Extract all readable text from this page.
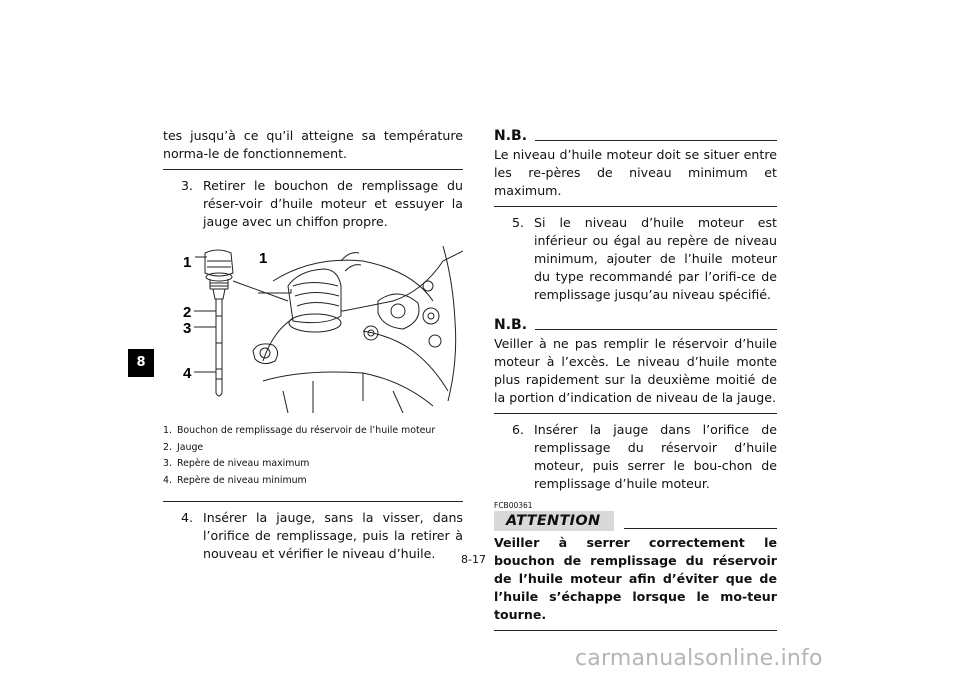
8

tes jusqu’à ce qu’il atteigne sa température norma-le de fonctionnement.

3. Retirer le bouchon de remplissage du réser-voir d’huile moteur et essuyer la jauge avec un chiffon propre.
1
2
3
4
1
1. Bouchon de remplissage du réservoir de l’huile moteur
2. Jauge
3. Repère de niveau maximum
4. Repère de niveau minimum
4. Insérer la jauge, sans la visser, dans l’orifice de remplissage, puis la retirer à nouveau et vérifier le niveau d’huile.
N.B.

Le niveau d’huile moteur doit se situer entre les re-pères de niveau minimum et maximum.

5. Si le niveau d’huile moteur est inférieur ou égal au repère de niveau minimum, ajouter de l’huile moteur du type recommandé par l’orifi-ce de remplissage jusqu’au niveau spécifié.
N.B.

Veiller à ne pas remplir le réservoir d’huile moteur à l’excès. Le niveau d’huile monte plus rapidement sur la deuxième moitié de la portion d’indication de niveau de la jauge.

6. Insérer la jauge dans l’orifice de remplissage du réservoir d’huile moteur, puis serrer le bou-chon de remplissage d’huile moteur.
FCB00361
ATTENTION

Veiller à serrer correctement le bouchon de remplissage du réservoir de l’huile moteur afin d’éviter que de l’huile s’échappe lorsque le mo-teur tourne.

8-17
carmanualsonline.info
